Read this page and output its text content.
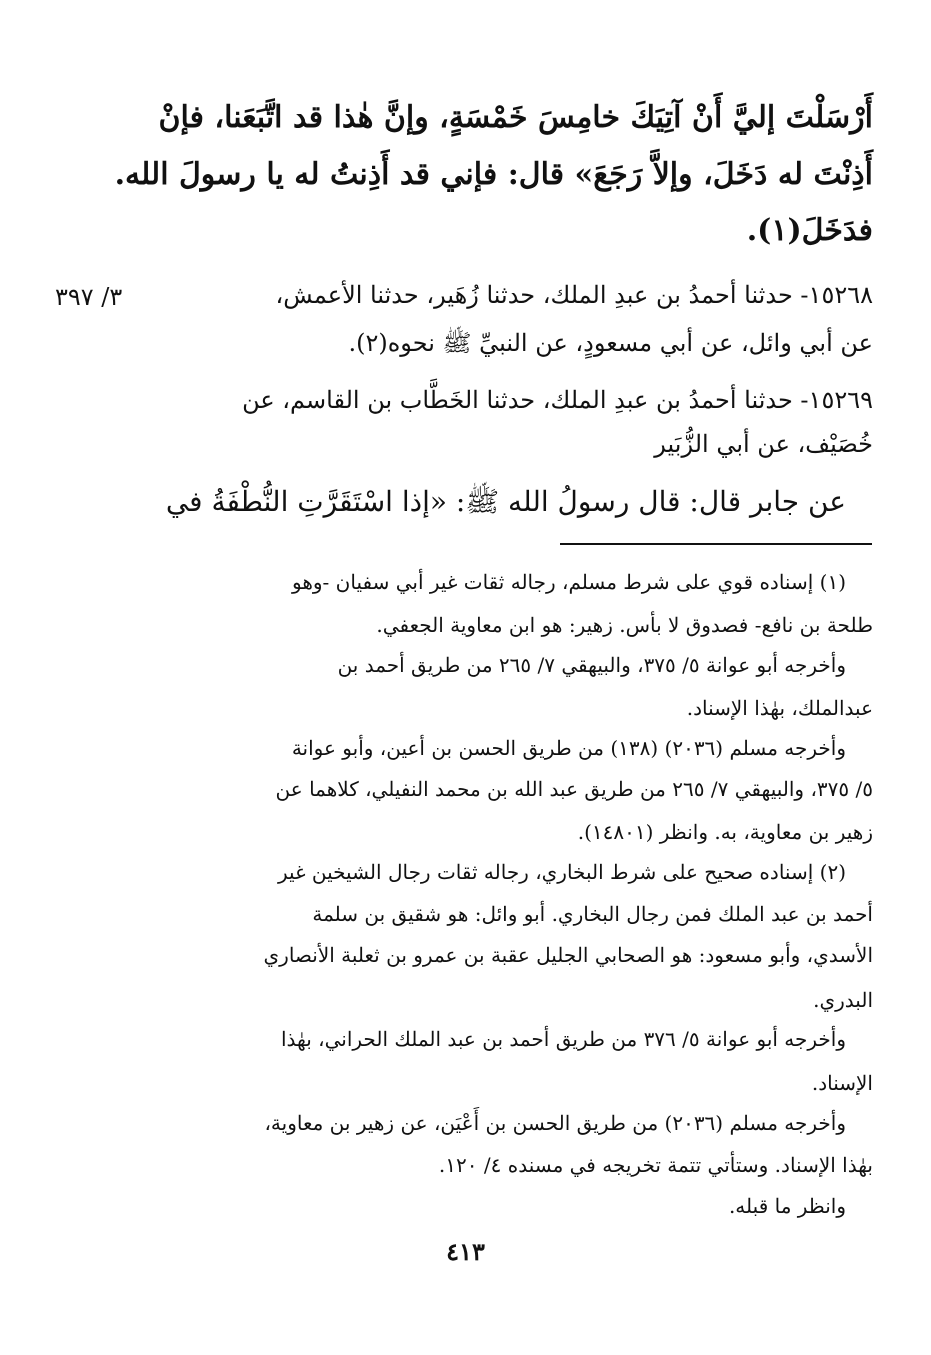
أَرْسَلْتَ إليَّ أَنْ آتِيَكَ خامِسَ خَمْسَةٍ، وإنَّ هٰذا قد اتَّبَعَنا، فإنْ
أَذِنْتَ له دَخَلَ، وإلاَّ رَجَعَ» قال: فإني قد أَذِنتُ له يا رسولَ الله.
فدَخَلَ(١).
٣/ ٣٩٧	١٥٢٦٨- حدثنا أحمدُ بن عبدِ الملك، حدثنا زُهَير، حدثنا الأعمش،
عن أبي وائل، عن أبي مسعودٍ، عن النبيِّ ﷺ نحوه(٢).
١٥٢٦٩- حدثنا أحمدُ بن عبدِ الملك، حدثنا الخَطَّاب بن القاسم، عن
خُصَيْف، عن أبي الزُّبَير
عن جابر قال: قال رسولُ الله ﷺ: «إذا اسْتَقَرَّتِ النُّطْفَةُ في
(١) إسناده قوي على شرط مسلم، رجاله ثقات غير أبي سفيان -وهو
طلحة بن نافع- فصدوق لا بأس. زهير: هو ابن معاوية الجعفي.
وأخرجه أبو عوانة ٥/ ٣٧٥، والبيهقي ٧/ ٢٦٥ من طريق أحمد بن
عبدالملك، بهٰذا الإسناد.
وأخرجه مسلم (٢٠٣٦) (١٣٨) من طريق الحسن بن أعين، وأبو عوانة
٥/ ٣٧٥، والبيهقي ٧/ ٢٦٥ من طريق عبد الله بن محمد النفيلي، كلاهما عن
زهير بن معاوية، به. وانظر (١٤٨٠١).
(٢) إسناده صحيح على شرط البخاري، رجاله ثقات رجال الشيخين غير
أحمد بن عبد الملك فمن رجال البخاري. أبو وائل: هو شقيق بن سلمة
الأسدي، وأبو مسعود: هو الصحابي الجليل عقبة بن عمرو بن ثعلبة الأنصاري
البدري.
وأخرجه أبو عوانة ٥/ ٣٧٦ من طريق أحمد بن عبد الملك الحراني، بهٰذا
الإسناد.
وأخرجه مسلم (٢٠٣٦) من طريق الحسن بن أَعْيَن، عن زهير بن معاوية،
بهٰذا الإسناد. وستأتي تتمة تخريجه في مسنده ٤/ ١٢٠.
وانظر ما قبله.
٤١٣
